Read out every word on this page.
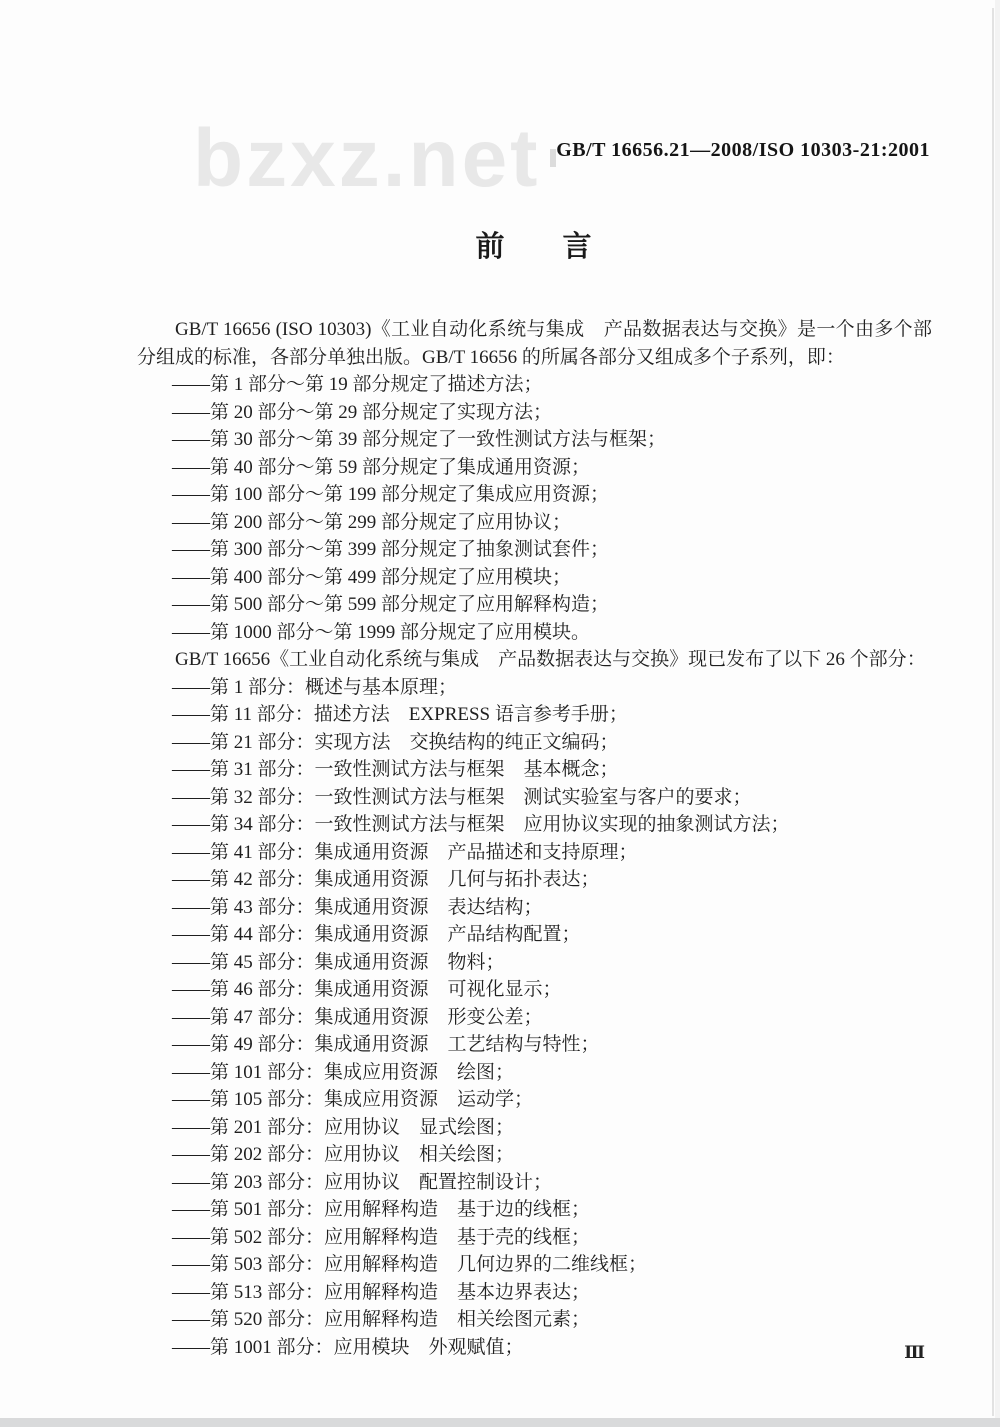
bzxz.net GB/T 16656.21—2008/ISO 10303-21:2001
前　　言

GB/T 16656 (ISO 10303)《工业自动化系统与集成　产品数据表达与交换》是一个由多个部分组成的标准，各部分单独出版。GB/T 16656 的所属各部分又组成多个子系列，即：

——第 1 部分～第 19 部分规定了描述方法；
——第 20 部分～第 29 部分规定了实现方法；
——第 30 部分～第 39 部分规定了一致性测试方法与框架；
——第 40 部分～第 59 部分规定了集成通用资源；
——第 100 部分～第 199 部分规定了集成应用资源；
——第 200 部分～第 299 部分规定了应用协议；
——第 300 部分～第 399 部分规定了抽象测试套件；
——第 400 部分～第 499 部分规定了应用模块；
——第 500 部分～第 599 部分规定了应用解释构造；
——第 1000 部分～第 1999 部分规定了应用模块。
GB/T 16656《工业自动化系统与集成　产品数据表达与交换》现已发布了以下 26 个部分：
——第 1 部分：概述与基本原理；
——第 11 部分：描述方法　EXPRESS 语言参考手册；
——第 21 部分：实现方法　交换结构的纯正文编码；
——第 31 部分：一致性测试方法与框架　基本概念；
——第 32 部分：一致性测试方法与框架　测试实验室与客户的要求；
——第 34 部分：一致性测试方法与框架　应用协议实现的抽象测试方法；
——第 41 部分：集成通用资源　产品描述和支持原理；
——第 42 部分：集成通用资源　几何与拓扑表达；
——第 43 部分：集成通用资源　表达结构；
——第 44 部分：集成通用资源　产品结构配置；
——第 45 部分：集成通用资源　物料；
——第 46 部分：集成通用资源　可视化显示；
——第 47 部分：集成通用资源　形变公差；
——第 49 部分：集成通用资源　工艺结构与特性；
——第 101 部分：集成应用资源　绘图；
——第 105 部分：集成应用资源　运动学；
——第 201 部分：应用协议　显式绘图；
——第 202 部分：应用协议　相关绘图；
——第 203 部分：应用协议　配置控制设计；
——第 501 部分：应用解释构造　基于边的线框；
——第 502 部分：应用解释构造　基于壳的线框；
——第 503 部分：应用解释构造　几何边界的二维线框；
——第 513 部分：应用解释构造　基本边界表达；
——第 520 部分：应用解释构造　相关绘图元素；
——第 1001 部分：应用模块　外观赋值；	Ⅲ
